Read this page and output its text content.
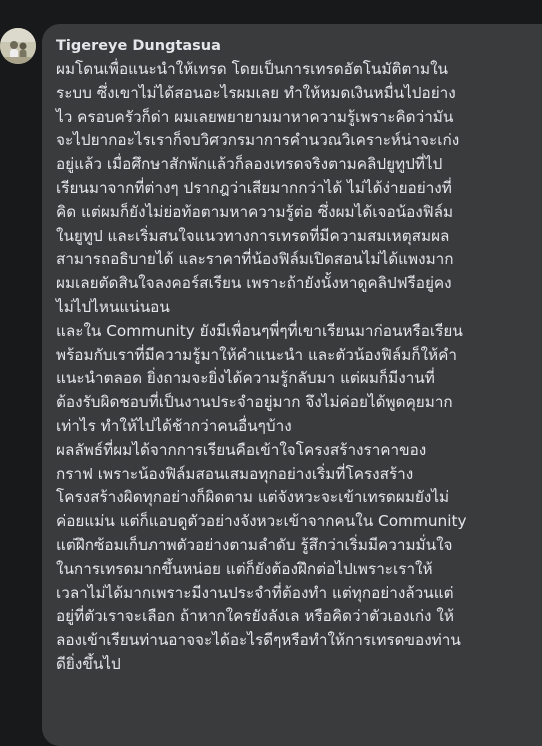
Tigereye Dungtasua
ผมโดนเพื่อแนะนำให้เทรด โดยเป็นการเทรดอัตโนมัติตามใน
ระบบ ซึ่งเขาไม่ได้สอนอะไรผมเลย ทำให้หมดเงินหมื่นไปอย่าง
ไว ครอบครัวก็ด่า ผมเลยพยายามมาหาความรู้เพราะคิดว่ามัน
จะไปยากอะไรเราก็จบวิศวกรมาการคำนวณวิเคราะห์น่าจะเก่ง
อยู่แล้ว เมื่อศึกษาสักพักแล้วก็ลองเทรดจริงตามคลิปยูทูปที่ไป
เรียนมาจากที่ต่างๆ ปรากฎว่าเสียมากกว่าได้ ไม่ได้ง่ายอย่างที่
คิด แต่ผมก็ยังไม่ย่อท้อตามหาความรู้ต่อ ซึ่งผมได้เจอน้องฟิล์ม
ในยูทูป และเริ่มสนใจแนวทางการเทรดที่มีความสมเหตุสมผล
สามารถอธิบายได้ และราคาที่น้องฟิล์มเปิดสอนไม่ได้แพงมาก
ผมเลยตัดสินใจลงคอร์สเรียน เพราะถ้ายังนั้งหาดูคลิปฟรีอยู่คง
ไม่ไปไหนแน่นอน
และใน Community ยังมีเพื่อนๆพี่ๆที่เขาเรียนมาก่อนหรือเรียน
พร้อมกับเราที่มีความรู้มาให้คำแนะนำ และตัวน้องฟิล์มก็ให้คำ
แนะนำตลอด ยิ่งถามจะยิ่งได้ความรู้กลับมา แต่ผมก็มีงานที่
ต้องรับผิดชอบที่เป็นงานประจำอยู่มาก จึงไม่ค่อยได้พูดคุยมาก
เท่าไร ทำให้ไปได้ช้ากว่าคนอื่นๆบ้าง
ผลลัพธ์ที่ผมได้จากการเรียนคือเข้าใจโครงสร้างราคาของ
กราฟ เพราะน้องฟิล์มสอนเสมอทุกอย่างเริ่มที่โครงสร้าง
โครงสร้างผิดทุกอย่างก็ผิดตาม แต่จังหวะจะเข้าเทรดผมยังไม่
ค่อยแม่น แต่ก็แอบดูตัวอย่างจังหวะเข้าจากคนใน Community
แต่ฝึกซ้อมเก็บภาพตัวอย่างตามลำดับ รู้สึกว่าเริ่มมีความมั่นใจ
ในการเทรดมากขึ้นหน่อย แต่ก็ยังต้องฝึกต่อไปเพราะเราให้
เวลาไม่ได้มากเพราะมีงานประจำที่ต้องทำ แต่ทุกอย่างล้วนแต่
อยู่ที่ตัวเราจะเลือก ถ้าหากใครยังลังเล หรือคิดว่าตัวเองเก่ง ให้
ลองเข้าเรียนท่านอาจจะได้อะไรดีๆหรือทำให้การเทรดของท่าน
ดียิ่งขึ้นไป
